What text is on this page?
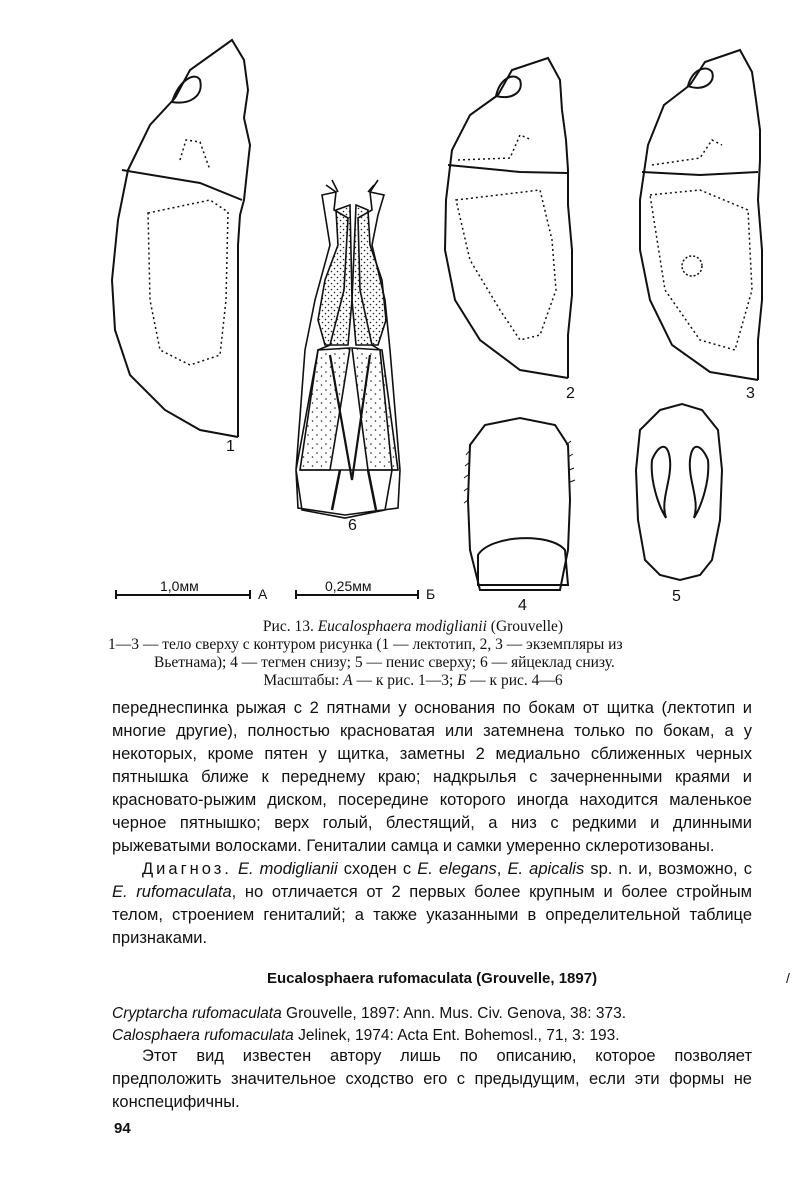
1
2	3
4
5
6
1,0мм	А	0,25мм	Б
Рис. 13. Eucalosphaera modiglianii (Grouvelle)
1—3 — тело сверху с контуром рисунка (1 — лектотип, 2, 3 — экземпляры из
Вьетнама); 4 — тегмен снизу; 5 — пенис сверху; 6 — яйцеклад снизу.
Масштабы: А — к рис. 1—3; Б — к рис. 4—6

переднеспинка рыжая с 2 пятнами у основания по бокам от щитка (лектотип и многие другие), полностью красноватая или затемнена только по бокам, а у некоторых, кроме пятен у щитка, заметны 2 медиально сближенных черных пятнышка ближе к переднему краю; надкрылья с зачерненными краями и красновато-рыжим диском, посередине которого иногда находится маленькое черное пятнышко; верх голый, блестящий, а низ с редкими и длинными рыжеватыми волосками. Гениталии самца и самки умеренно склеротизованы.

Диагноз. E. modiglianii сходен с E. elegans, E. apicalis sp. n. и, возможно, с E. rufomaculata, но отличается от 2 первых более крупным и более стройным телом, строением гениталий; а также указанными в определительной таблице признаками.

Eucalosphaera rufomaculata (Grouvelle, 1897)

Cryptarcha rufomaculata Grouvelle, 1897: Ann. Mus. Civ. Genova, 38: 373.

Calosphaera rufomaculata Jelinek, 1974: Acta Ent. Bohemosl., 71, 3: 193.

Этот вид известен автору лишь по описанию, которое позволяет предположить значительное сходство его с предыдущим, если эти формы не конспецифичны.

94
/
